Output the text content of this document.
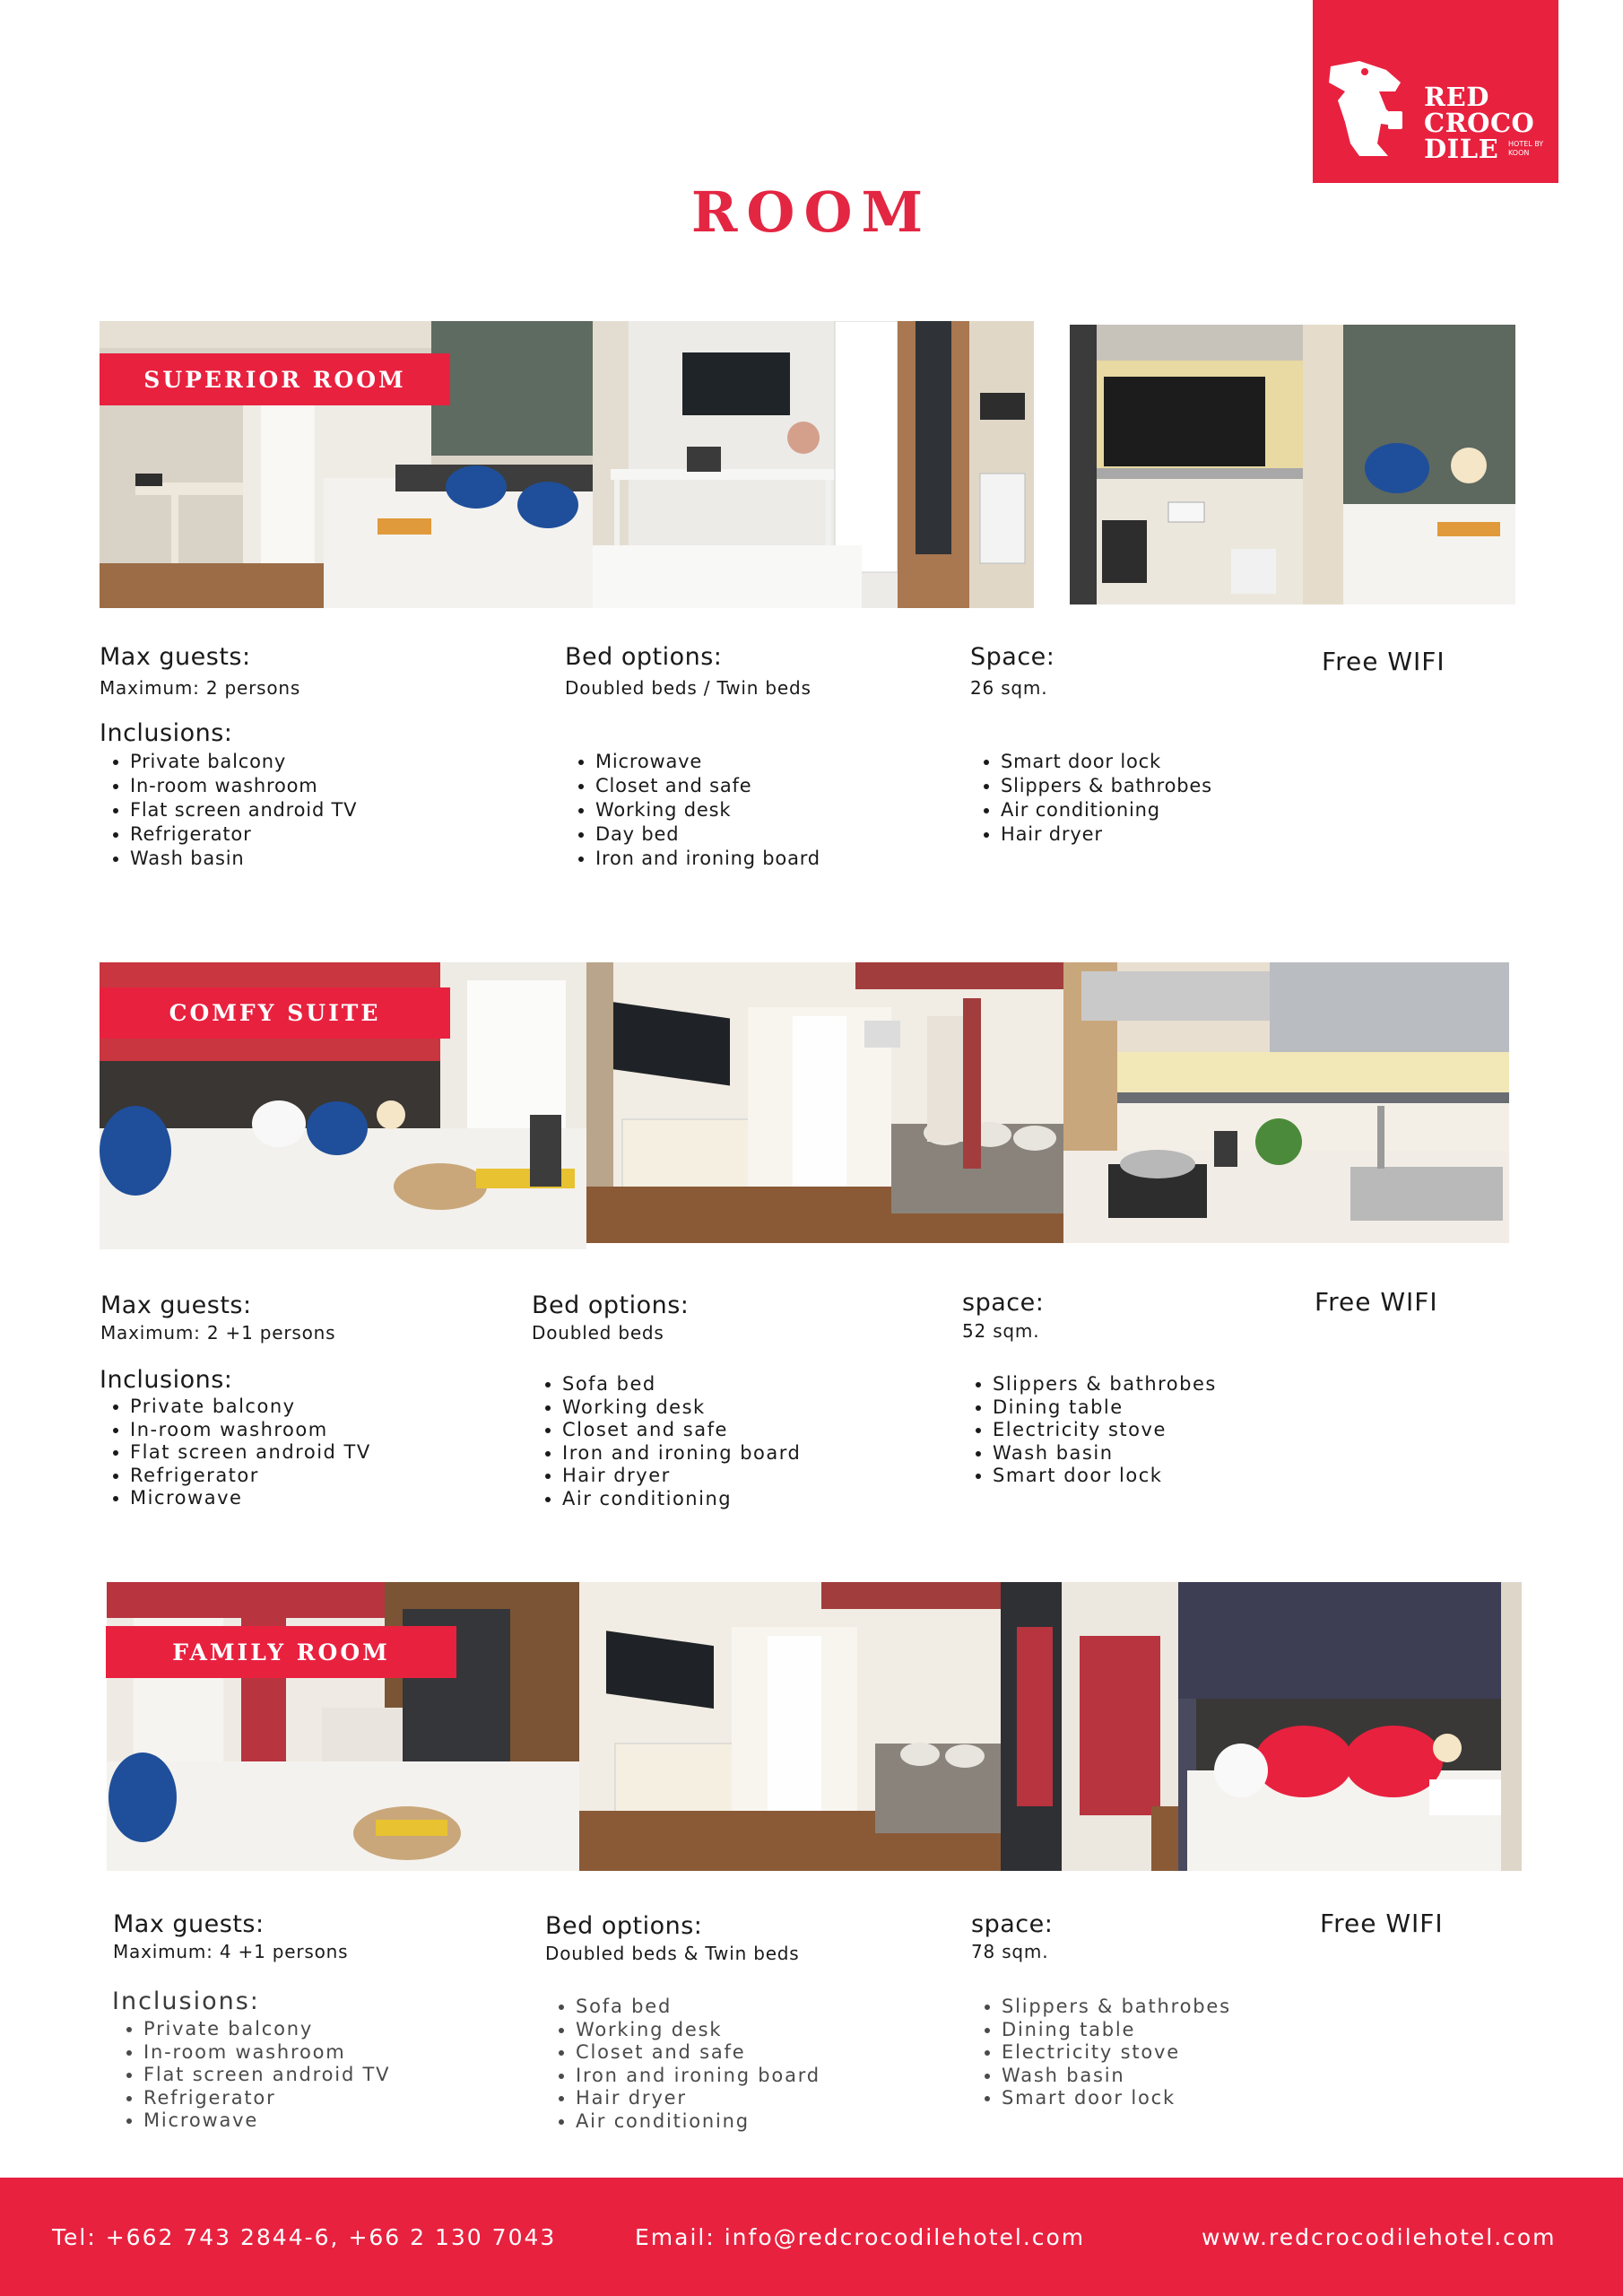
RED
CROCO
DILE	HOTEL BY KOON
ROOM
SUPERIOR ROOM
Max guests:
Maximum: 2 persons
Bed options:
Doubled beds / Twin beds
Space:
26 sqm.
Free WIFI
Inclusions:
• Private balcony
• In-room washroom
• Flat screen android TV
• Refrigerator
• Wash basin
• Microwave
• Closet and safe
• Working desk
• Day bed
• Iron and ironing board
• Smart door lock
• Slippers & bathrobes
• Air conditioning
• Hair dryer
COMFY SUITE
Max guests:
Maximum: 2 +1 persons
Bed options:
Doubled beds
space:
52 sqm.
Free WIFI
Inclusions:
• Private balcony
• In-room washroom
• Flat screen android TV
• Refrigerator
• Microwave
• Sofa bed
• Working desk
• Closet and safe
• Iron and ironing board
• Hair dryer
• Air conditioning
• Slippers & bathrobes
• Dining table
• Electricity stove
• Wash basin
• Smart door lock
FAMILY ROOM
Max guests:
Maximum: 4 +1 persons
Bed options:
Doubled beds & Twin beds
space:
78 sqm.
Free WIFI
Inclusions:
• Private balcony
• In-room washroom
• Flat screen android TV
• Refrigerator
• Microwave
• Sofa bed
• Working desk
• Closet and safe
• Iron and ironing board
• Hair dryer
• Air conditioning
• Slippers & bathrobes
• Dining table
• Electricity stove
• Wash basin
• Smart door lock
Tel: +662 743 2844-6, +66 2 130 7043	Email: info@redcrocodilehotel.com	www.redcrocodilehotel.com
